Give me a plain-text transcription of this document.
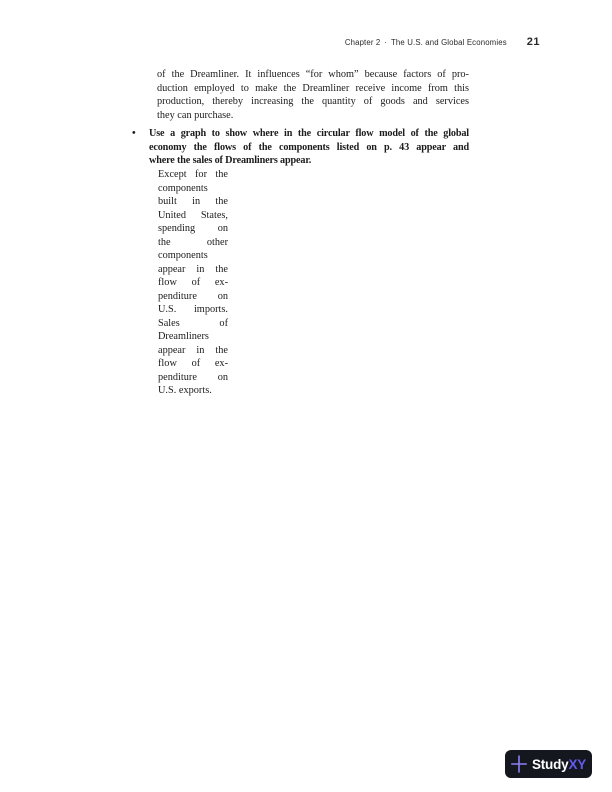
Chapter 2 · The U.S. and Global Economies 21
of the Dreamliner. It influences “for whom” because factors of pro-
duction employed to make the Dreamliner receive income from this
production, thereby increasing the quantity of goods and services
they can purchase.
• Use a graph to show where in the circular flow model of the global
economy the flows of the components listed on p. 43 appear and
where the sales of Dreamliners appear.
Except for the
components
built in the
United States,
spending on
the other
components
appear in the
flow of ex-
penditure on
U.S. imports.
Sales of
Dreamliners
appear in the
flow of ex-
penditure on
U.S. exports.
StudyXY
